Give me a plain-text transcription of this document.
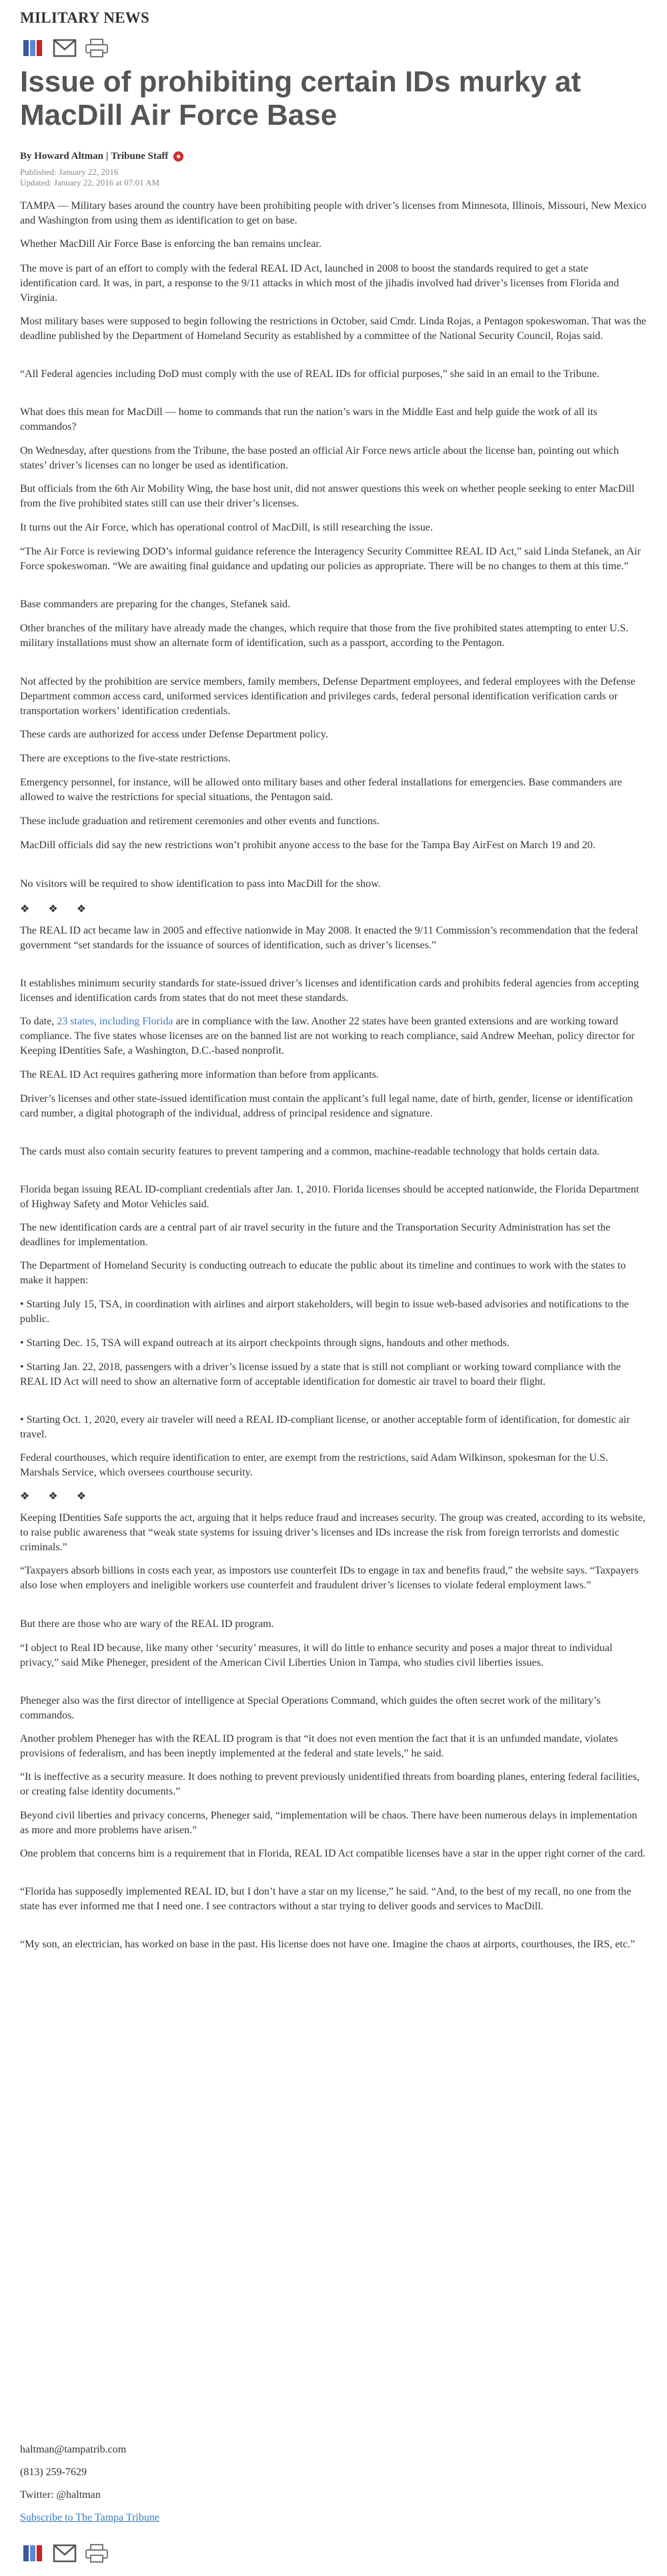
MILITARY NEWS
Issue of prohibiting certain IDs murky at MacDill Air Force Base
By Howard Altman | Tribune Staff
Published: January 22, 2016
Updated: January 22, 2016 at 07:01 AM

TAMPA — Military bases around the country have been prohibiting people with driver’s licenses from Minnesota, Illinois, Missouri, New Mexico and Washington from using them as identification to get on base.

Whether MacDill Air Force Base is enforcing the ban remains unclear.

The move is part of an effort to comply with the federal REAL ID Act, launched in 2008 to boost the standards required to get a state identification card. It was, in part, a response to the 9/11 attacks in which most of the jihadis involved had driver’s licenses from Florida and Virginia.

Most military bases were supposed to begin following the restrictions in October, said Cmdr. Linda Rojas, a Pentagon spokeswoman. That was the deadline published by the Department of Homeland Security as established by a committee of the National Security Council, Rojas said.

“All Federal agencies including DoD must comply with the use of REAL IDs for official purposes,” she said in an email to the Tribune.

What does this mean for MacDill — home to commands that run the nation’s wars in the Middle East and help guide the work of all its commandos?

On Wednesday, after questions from the Tribune, the base posted an official Air Force news article about the license ban, pointing out which states’ driver’s licenses can no longer be used as identification.

But officials from the 6th Air Mobility Wing, the base host unit, did not answer questions this week on whether people seeking to enter MacDill from the five prohibited states still can use their driver’s licenses.

It turns out the Air Force, which has operational control of MacDill, is still researching the issue.

“The Air Force is reviewing DOD’s informal guidance reference the Interagency Security Committee REAL ID Act,” said Linda Stefanek, an Air Force spokeswoman. “We are awaiting final guidance and updating our policies as appropriate. There will be no changes to them at this time.”

Base commanders are preparing for the changes, Stefanek said.

Other branches of the military have already made the changes, which require that those from the five prohibited states attempting to enter U.S. military installations must show an alternate form of identification, such as a passport, according to the Pentagon.

Not affected by the prohibition are service members, family members, Defense Department employees, and federal employees with the Defense Department common access card, uniformed services identification and privileges cards, federal personal identification verification cards or transportation workers’ identification credentials.

These cards are authorized for access under Defense Department policy.

There are exceptions to the five-state restrictions.

Emergency personnel, for instance, will be allowed onto military bases and other federal installations for emergencies. Base commanders are allowed to waive the restrictions for special situations, the Pentagon said.

These include graduation and retirement ceremonies and other events and functions.

MacDill officials did say the new restrictions won’t prohibit anyone access to the base for the Tampa Bay AirFest on March 19 and 20.

No visitors will be required to show identification to pass into MacDill for the show.

❖ ❖ ❖

The REAL ID act became law in 2005 and effective nationwide in May 2008. It enacted the 9/11 Commission’s recommendation that the federal government “set standards for the issuance of sources of identification, such as driver’s licenses.”

It establishes minimum security standards for state-issued driver’s licenses and identification cards and prohibits federal agencies from accepting licenses and identification cards from states that do not meet these standards.

To date, 23 states, including Florida are in compliance with the law. Another 22 states have been granted extensions and are working toward compliance. The five states whose licenses are on the banned list are not working to reach compliance, said Andrew Meehan, policy director for Keeping IDentities Safe, a Washington, D.C.-based nonprofit.

The REAL ID Act requires gathering more information than before from applicants.

Driver’s licenses and other state-issued identification must contain the applicant’s full legal name, date of birth, gender, license or identification card number, a digital photograph of the individual, address of principal residence and signature.

The cards must also contain security features to prevent tampering and a common, machine-readable technology that holds certain data.

Florida began issuing REAL ID-compliant credentials after Jan. 1, 2010. Florida licenses should be accepted nationwide, the Florida Department of Highway Safety and Motor Vehicles said.

The new identification cards are a central part of air travel security in the future and the Transportation Security Administration has set the deadlines for implementation.

The Department of Homeland Security is conducting outreach to educate the public about its timeline and continues to work with the states to make it happen:

• Starting July 15, TSA, in coordination with airlines and airport stakeholders, will begin to issue web-based advisories and notifications to the public.

• Starting Dec. 15, TSA will expand outreach at its airport checkpoints through signs, handouts and other methods.

• Starting Jan. 22, 2018, passengers with a driver’s license issued by a state that is still not compliant or working toward compliance with the REAL ID Act will need to show an alternative form of acceptable identification for domestic air travel to board their flight.

• Starting Oct. 1, 2020, every air traveler will need a REAL ID-compliant license, or another acceptable form of identification, for domestic air travel.

Federal courthouses, which require identification to enter, are exempt from the restrictions, said Adam Wilkinson, spokesman for the U.S. Marshals Service, which oversees courthouse security.

❖ ❖ ❖

Keeping IDentities Safe supports the act, arguing that it helps reduce fraud and increases security. The group was created, according to its website, to raise public awareness that “weak state systems for issuing driver’s licenses and IDs increase the risk from foreign terrorists and domestic criminals.”

“Taxpayers absorb billions in costs each year, as impostors use counterfeit IDs to engage in tax and benefits fraud,” the website says. “Taxpayers also lose when employers and ineligible workers use counterfeit and fraudulent driver’s licenses to violate federal employment laws.”

But there are those who are wary of the REAL ID program.

“I object to Real ID because, like many other ‘security’ measures, it will do little to enhance security and poses a major threat to individual privacy,” said Mike Pheneger, president of the American Civil Liberties Union in Tampa, who studies civil liberties issues.

Pheneger also was the first director of intelligence at Special Operations Command, which guides the often secret work of the military’s commandos.

Another problem Pheneger has with the REAL ID program is that “it does not even mention the fact that it is an unfunded mandate, violates provisions of federalism, and has been ineptly implemented at the federal and state levels,” he said.

“It is ineffective as a security measure. It does nothing to prevent previously unidentified threats from boarding planes, entering federal facilities, or creating false identity documents.”

Beyond civil liberties and privacy concerns, Pheneger said, “implementation will be chaos. There have been numerous delays in implementation as more and more problems have arisen.”

One problem that concerns him is a requirement that in Florida, REAL ID Act compatible licenses have a star in the upper right corner of the card.

“Florida has supposedly implemented REAL ID, but I don’t have a star on my license,” he said. “And, to the best of my recall, no one from the state has ever informed me that I need one. I see contractors without a star trying to deliver goods and services to MacDill.

“My son, an electrician, has worked on base in the past. His license does not have one. Imagine the chaos at airports, courthouses, the IRS, etc.”

haltman@tampatrib.com

(813) 259-7629

Twitter: @haltman

Subscribe to The Tampa Tribune
